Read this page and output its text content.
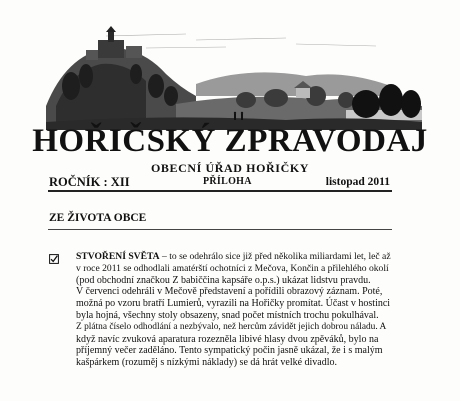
HOŘIČSKÝ ZPRAVODAJ
OBECNÍ ÚŘAD HOŘIČKY
ROČNÍK : XII	PŘÍLOHA	listopad 2011
ZE ŽIVOTA OBCE
STVOŘENÍ SVĚTA – to se odehrálo sice již před několika miliardami let, leč až
v roce 2011 se odhodlali amatérští ochotníci z Mečova, Končin a přilehlého okolí
(pod obchodní značkou Z babiččina kapsáře o.p.s.) ukázat lidstvu pravdu.
V červenci odehráli v Mečově představení a pořídili obrazový záznam. Poté,
možná po vzoru bratří Lumierů, vyrazili na Hořičky promítat. Účast v hostinci
byla hojná, všechny stoly obsazeny, snad počet místních trochu pokulhával.
Z plátna číselo odhodlání a nezbývalo, než hercům závidět jejich dobrou náladu. A
když navíc zvuková aparatura rozezněla libivé hlasy dvou zpěváků, bylo na
příjemný večer zaděláno. Tento sympatický počin jasně ukázal, že i s malým
kašpárkem (rozuměj s nízkými náklady) se dá hrát velké divadlo.
